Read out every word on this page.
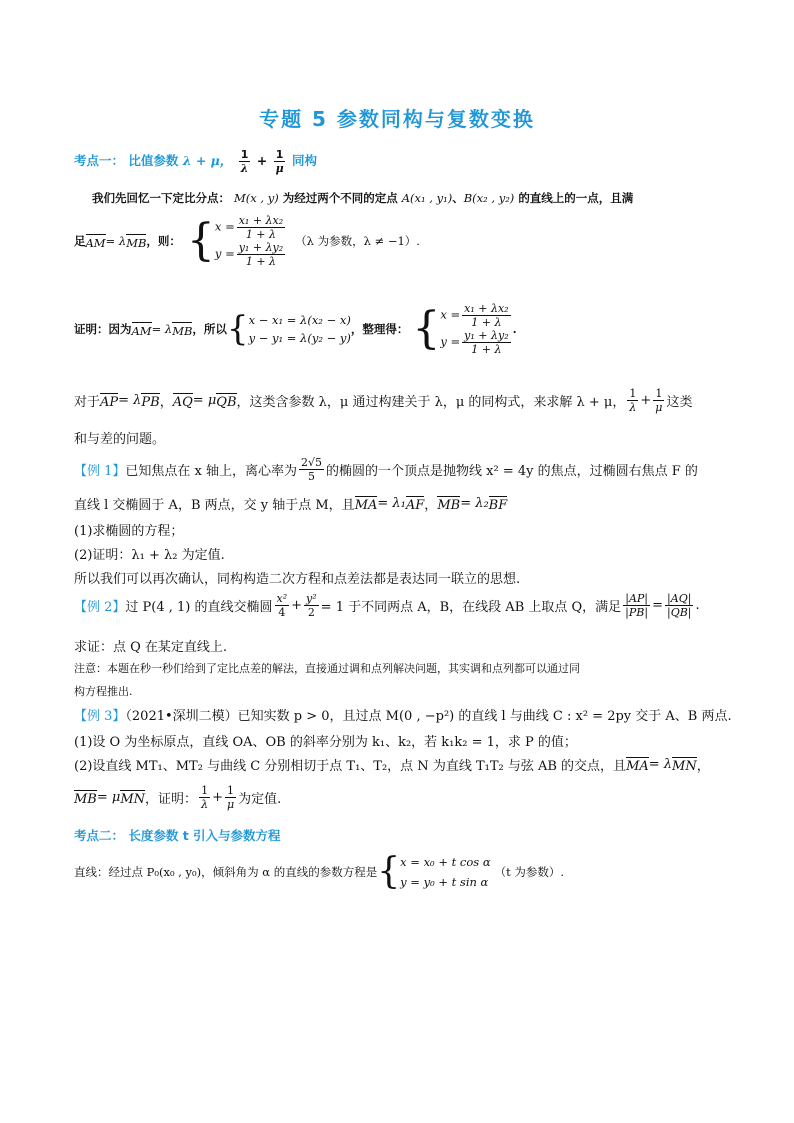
专题 5 参数同构与复数变换
考点一： 比值参数 λ + μ， $\frac{1}{\lambda} + \frac{1}{\mu}$ 同构
我们先回忆一下定比分点： M(x , y) 为经过两个不同的定点 A(x₁ , y₁)、B(x₂ , y₂) 的直线上的一点，且满
足 AM = λ MB ，则： { $x = \frac{\text{x₁ + λx₂}}{1 + \lambda}$
$y = \frac{\text{y₁ + λy₂}}{1 + \lambda} (\lambda$ 为参数，λ ≠ −1）.
证明：因为 AM = λ MB ，所以 { x − x₁ = λ(x₂ − x)
y − y₁ = λ(y₂ − y)
，整理得： { $x = \frac{\text{x₁ + λx₂}}{1 + \lambda}$
$y = \frac{\text{y₁ + λy₂}}{1 + \lambda}$ .
对于 AP = λ PB ， AQ = μ QB ，这类含参数 λ，μ 通过构建关于 λ，μ 的同构式，来求解 λ + μ， $\frac{1}{\lambda} + \frac{1}{\mu}$ 这类
和与差的问题。
【例 1】 已知焦点在 x 轴上，离心率为 $\frac{2√5}{5}$ 的椭圆的一个顶点是抛物线 x² = 4y 的焦点，过椭圆右焦点 F 的
直线 l 交椭圆于 A，B 两点，交 y 轴于点 M，且 MA = λ₁ AF ， MB = λ₂ BF
(1)求椭圆的方程；
(2)证明：λ₁ + λ₂ 为定值.
所以我们可以再次确认，同构构造二次方程和点差法都是表达同一联立的思想.
【例 2】 过 P(4 , 1) 的直线交椭圆 $\frac{\text{x²}}{4} + \frac{\text{y²}}{2} = 1$ 于不同两点 A，B，在线段 AB 上取点 Q，满足 $\frac{|AP|}{|PB|} = \frac{|AQ|}{|QB|}$ .
求证：点 Q 在某定直线上.
注意：本题在秒一秒们给到了定比点差的解法，直接通过调和点列解决问题，其实调和点列都可以通过同
构方程推出.
【例 3】（2021•深圳二模）已知实数 p > 0，且过点 M(0 , −p²) 的直线 l 与曲线 C : x² = 2py 交于 A、B 两点.
(1)设 O 为坐标原点，直线 OA、OB 的斜率分别为 k₁、k₂，若 k₁k₂ = 1，求 P 的值；
(2)设直线 MT₁、MT₂ 与曲线 C 分别相切于点 T₁、T₂，点 N 为直线 T₁T₂ 与弦 AB 的交点，且 MA = λ MN ，
MB = μ MN ，证明： $\frac{1}{\lambda} + \frac{1}{\mu}$ 为定值.
考点二： 长度参数 t 引入与参数方程
直线：经过点 P₀(x₀ , y₀)，倾斜角为 α 的直线的参数方程是 { x = x₀ + t cos α
y = y₀ + t sin α
（t 为参数）.
